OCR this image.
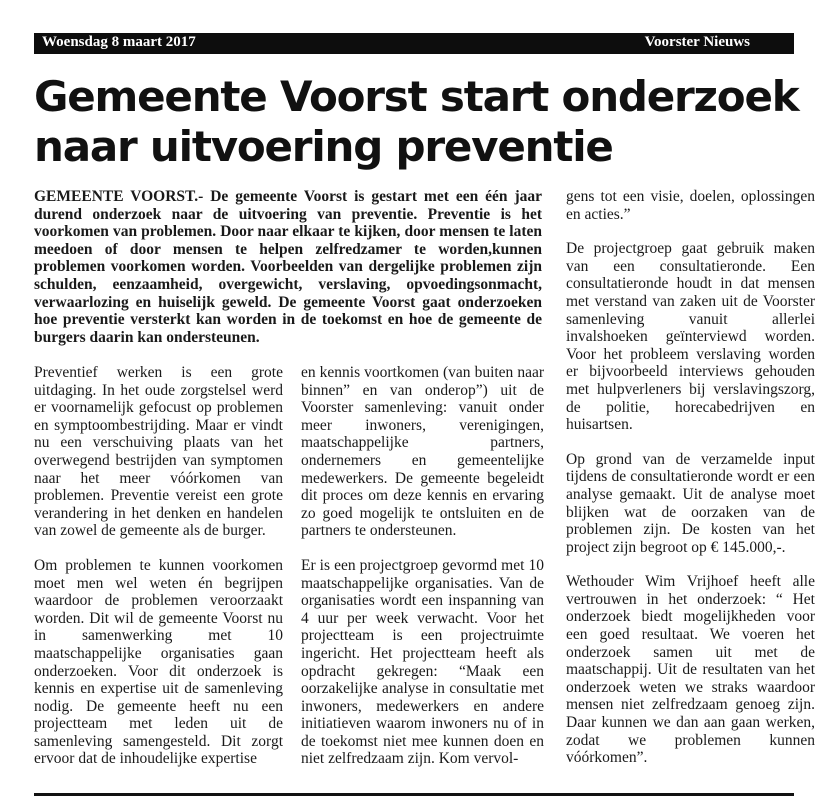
Woensdag 8 maart 2017	Voorster Nieuws
Gemeente Voorst start onderzoek naar uitvoering preventie

GEMEENTE VOORST.- De gemeente Voorst is gestart met een één jaar durend onderzoek naar de uitvoering van preventie. Preventie is het voorkomen van problemen. Door naar elkaar te kijken, door mensen te laten meedoen of door mensen te helpen zelfredzamer te worden,kunnen problemen voorkomen worden. Voorbeelden van dergelijke problemen zijn schulden, eenzaamheid, overgewicht, verslaving, opvoedingsonmacht, verwaarlozing en huiselijk geweld. De gemeente Voorst gaat onderzoeken hoe preventie versterkt kan worden in de toekomst en hoe de gemeente de burgers daarin kan ondersteunen.

Preventief werken is een grote uitdaging. In het oude zorgstelsel werd er voornamelijk gefocust op problemen en symptoombestrijding. Maar er vindt nu een verschuiving plaats van het overwegend bestrijden van symptomen naar het meer vóórkomen van problemen. Preventie vereist een grote verandering in het denken en handelen van zowel de gemeente als de burger.

Om problemen te kunnen voorkomen moet men wel weten én begrijpen waardoor de problemen veroorzaakt worden. Dit wil de gemeente Voorst nu in samenwerking met 10 maatschappelijke organisaties gaan onderzoeken. Voor dit onderzoek is kennis en expertise uit de samenleving nodig. De gemeente heeft nu een projectteam met leden uit de samenleving samengesteld. Dit zorgt ervoor dat de inhoudelijke expertise

en kennis voortkomen (van buiten naar binnen” en van onderop”) uit de Voorster samenleving: vanuit onder meer inwoners, verenigingen, maatschappelijke partners, ondernemers en gemeentelijke medewerkers. De gemeente begeleidt dit proces om deze kennis en ervaring zo goed mogelijk te ontsluiten en de partners te ondersteunen.

Er is een projectgroep gevormd met 10 maatschappelijke organisaties. Van de organisaties wordt een inspanning van 4 uur per week verwacht. Voor het projectteam is een projectruimte ingericht. Het projectteam heeft als opdracht gekregen: “Maak een oorzakelijke analyse in consultatie met inwoners, medewerkers en andere initiatieven waarom inwoners nu of in de toekomst niet mee kunnen doen en niet zelfredzaam zijn. Kom vervol-

gens tot een visie, doelen, oplossingen en acties.”

De projectgroep gaat gebruik maken van een consultatieronde. Een consultatieronde houdt in dat mensen met verstand van zaken uit de Voorster samenleving vanuit allerlei invalshoeken geïnterviewd worden. Voor het probleem verslaving worden er bijvoorbeeld interviews gehouden met hulpverleners bij verslavingszorg, de politie, horecabedrijven en huisartsen.

Op grond van de verzamelde input tijdens de consultatieronde wordt er een analyse gemaakt. Uit de analyse moet blijken wat de oorzaken van de problemen zijn. De kosten van het project zijn begroot op € 145.000,-.

Wethouder Wim Vrijhoef heeft alle vertrouwen in het onderzoek: “ Het onderzoek biedt mogelijkheden voor een goed resultaat. We voeren het onderzoek samen uit met de maatschappij. Uit de resultaten van het onderzoek weten we straks waardoor mensen niet zelfredzaam genoeg zijn. Daar kunnen we dan aan gaan werken, zodat we problemen kunnen vóórkomen”.
